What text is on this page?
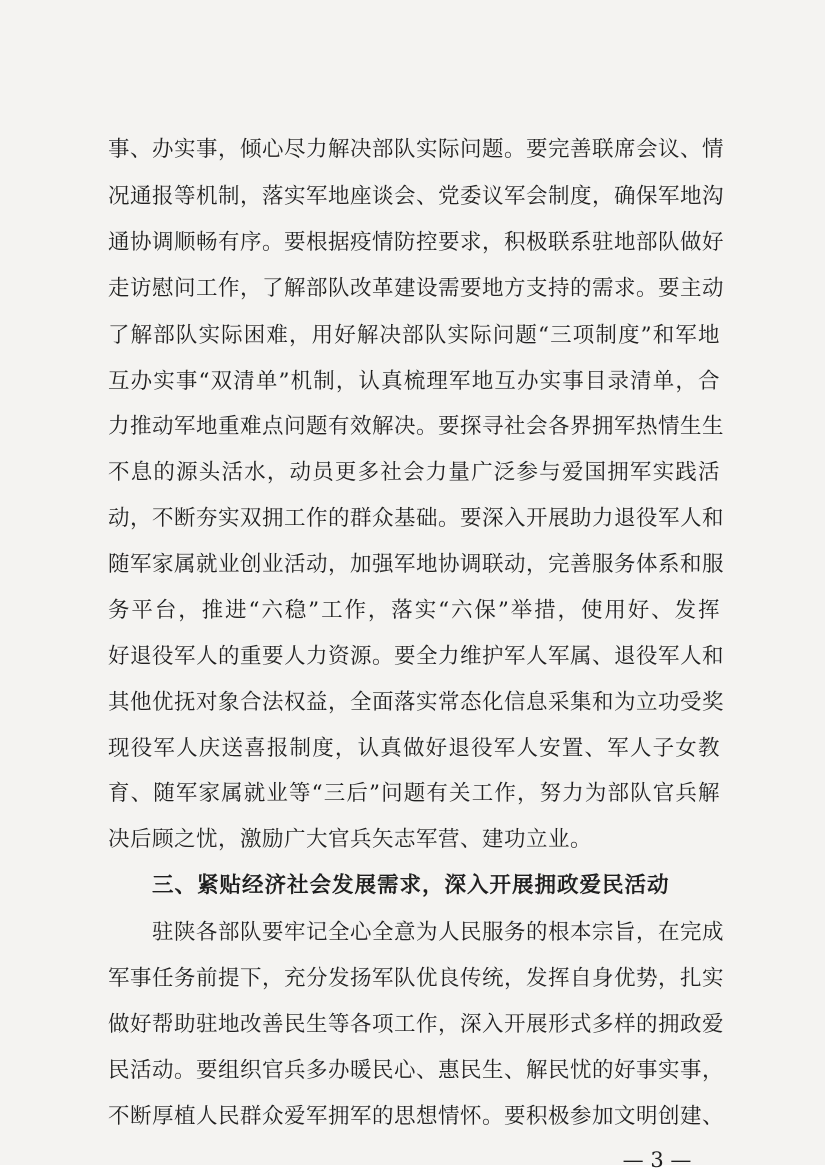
事、办实事，倾心尽力解决部队实际问题。要完善联席会议、情
况通报等机制，落实军地座谈会、党委议军会制度，确保军地沟
通协调顺畅有序。要根据疫情防控要求，积极联系驻地部队做好
走访慰问工作，了解部队改革建设需要地方支持的需求。要主动
了解部队实际困难，用好解决部队实际问题“三项制度”和军地
互办实事“双清单”机制，认真梳理军地互办实事目录清单，合
力推动军地重难点问题有效解决。要探寻社会各界拥军热情生生
不息的源头活水，动员更多社会力量广泛参与爱国拥军实践活
动，不断夯实双拥工作的群众基础。要深入开展助力退役军人和
随军家属就业创业活动，加强军地协调联动，完善服务体系和服
务平台，推进“六稳”工作，落实“六保”举措，使用好、发挥
好退役军人的重要人力资源。要全力维护军人军属、退役军人和
其他优抚对象合法权益，全面落实常态化信息采集和为立功受奖
现役军人庆送喜报制度，认真做好退役军人安置、军人子女教
育、随军家属就业等“三后”问题有关工作，努力为部队官兵解
决后顾之忧，激励广大官兵矢志军营、建功立业。
三、紧贴经济社会发展需求，深入开展拥政爱民活动
驻陕各部队要牢记全心全意为人民服务的根本宗旨，在完成
军事任务前提下，充分发扬军队优良传统，发挥自身优势，扎实
做好帮助驻地改善民生等各项工作，深入开展形式多样的拥政爱
民活动。要组织官兵多办暖民心、惠民生、解民忧的好事实事，
不断厚植人民群众爱军拥军的思想情怀。要积极参加文明创建、
— 3 —
